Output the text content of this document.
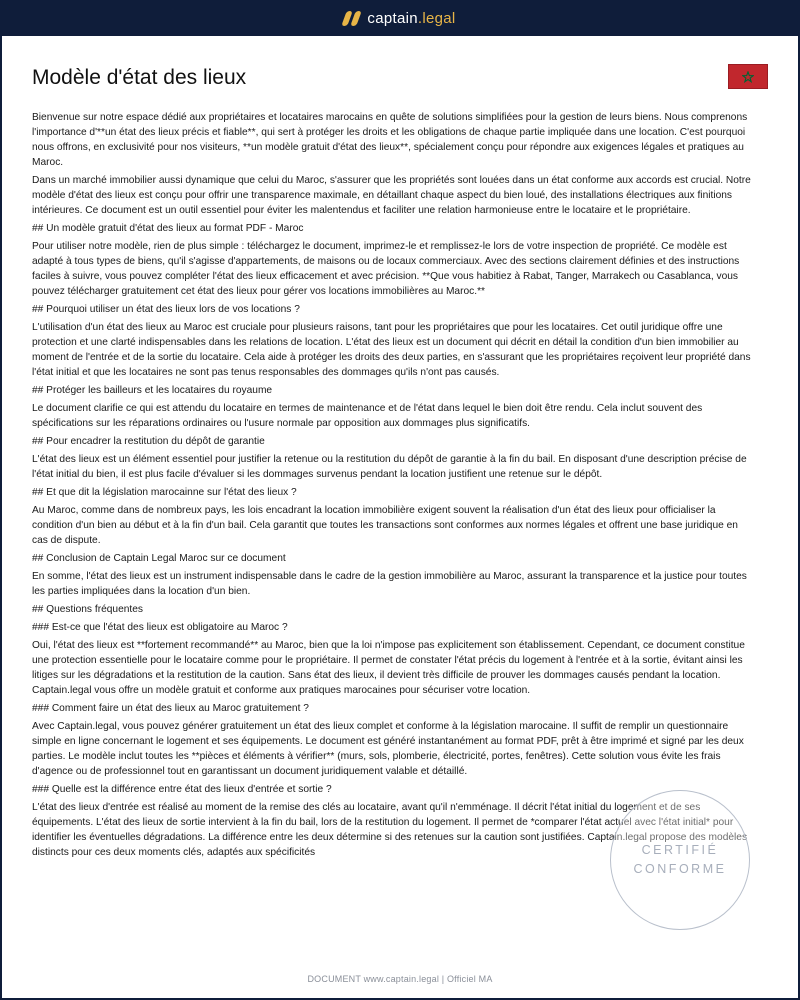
captain.legal
Modèle d'état des lieux

Bienvenue sur notre espace dédié aux propriétaires et locataires marocains en quête de solutions simplifiées pour la gestion de leurs biens. Nous comprenons l'importance d'**un état des lieux précis et fiable**, qui sert à protéger les droits et les obligations de chaque partie impliquée dans une location. C'est pourquoi nous offrons, en exclusivité pour nos visiteurs, **un modèle gratuit d'état des lieux**, spécialement conçu pour répondre aux exigences légales et pratiques au Maroc.

Dans un marché immobilier aussi dynamique que celui du Maroc, s'assurer que les propriétés sont louées dans un état conforme aux accords est crucial. Notre modèle d'état des lieux est conçu pour offrir une transparence maximale, en détaillant chaque aspect du bien loué, des installations électriques aux finitions intérieures. Ce document est un outil essentiel pour éviter les malentendus et faciliter une relation harmonieuse entre le locataire et le propriétaire.

## Un modèle gratuit d'état des lieux au format PDF - Maroc

Pour utiliser notre modèle, rien de plus simple : téléchargez le document, imprimez-le et remplissez-le lors de votre inspection de propriété. Ce modèle est adapté à tous types de biens, qu'il s'agisse d'appartements, de maisons ou de locaux commerciaux. Avec des sections clairement définies et des instructions faciles à suivre, vous pouvez compléter l'état des lieux efficacement et avec précision. **Que vous habitiez à Rabat, Tanger, Marrakech ou Casablanca, vous pouvez télécharger gratuitement cet état des lieux pour gérer vos locations immobilières au Maroc.**

## Pourquoi utiliser un état des lieux lors de vos locations ?

L'utilisation d'un état des lieux au Maroc est cruciale pour plusieurs raisons, tant pour les propriétaires que pour les locataires. Cet outil juridique offre une protection et une clarté indispensables dans les relations de location. L'état des lieux est un document qui décrit en détail la condition d'un bien immobilier au moment de l'entrée et de la sortie du locataire. Cela aide à protéger les droits des deux parties, en s'assurant que les propriétaires reçoivent leur propriété dans l'état initial et que les locataires ne sont pas tenus responsables des dommages qu'ils n'ont pas causés.

## Protéger les bailleurs et les locataires du royaume

Le document clarifie ce qui est attendu du locataire en termes de maintenance et de l'état dans lequel le bien doit être rendu. Cela inclut souvent des spécifications sur les réparations ordinaires ou l'usure normale par opposition aux dommages plus significatifs.

## Pour encadrer la restitution du dépôt de garantie

L'état des lieux est un élément essentiel pour justifier la retenue ou la restitution du dépôt de garantie à la fin du bail. En disposant d'une description précise de l'état initial du bien, il est plus facile d'évaluer si les dommages survenus pendant la location justifient une retenue sur le dépôt.

## Et que dit la législation marocainne sur l'état des lieux ?

Au Maroc, comme dans de nombreux pays, les lois encadrant la location immobilière exigent souvent la réalisation d'un état des lieux pour officialiser la condition d'un bien au début et à la fin d'un bail. Cela garantit que toutes les transactions sont conformes aux normes légales et offrent une base juridique en cas de dispute.

## Conclusion de Captain Legal Maroc sur ce document

En somme, l'état des lieux est un instrument indispensable dans le cadre de la gestion immobilière au Maroc, assurant la transparence et la justice pour toutes les parties impliquées dans la location d'un bien.

## Questions fréquentes

### Est-ce que l'état des lieux est obligatoire au Maroc ?

Oui, l'état des lieux est **fortement recommandé** au Maroc, bien que la loi n'impose pas explicitement son établissement. Cependant, ce document constitue une protection essentielle pour le locataire comme pour le propriétaire. Il permet de constater l'état précis du logement à l'entrée et à la sortie, évitant ainsi les litiges sur les dégradations et la restitution de la caution. Sans état des lieux, il devient très difficile de prouver les dommages causés pendant la location. Captain.legal vous offre un modèle gratuit et conforme aux pratiques marocaines pour sécuriser votre location.

### Comment faire un état des lieux au Maroc gratuitement ?

Avec Captain.legal, vous pouvez générer gratuitement un état des lieux complet et conforme à la législation marocaine. Il suffit de remplir un questionnaire simple en ligne concernant le logement et ses équipements. Le document est généré instantanément au format PDF, prêt à être imprimé et signé par les deux parties. Le modèle inclut toutes les **pièces et éléments à vérifier** (murs, sols, plomberie, électricité, portes, fenêtres). Cette solution vous évite les frais d'agence ou de professionnel tout en garantissant un document juridiquement valable et détaillé.

### Quelle est la différence entre état des lieux d'entrée et sortie ?

L'état des lieux d'entrée est réalisé au moment de la remise des clés au locataire, avant qu'il n'emménage. Il décrit l'état initial du logement et de ses équipements. L'état des lieux de sortie intervient à la fin du bail, lors de la restitution du logement. Il permet de *comparer l'état actuel avec l'état initial* pour identifier les éventuelles dégradations. La différence entre les deux détermine si des retenues sur la caution sont justifiées. Captain.legal propose des modèles distincts pour ces deux moments clés, adaptés aux spécificités	CERTIFIÉ
CONFORME
DOCUMENT www.captain.legal | Officiel MA
